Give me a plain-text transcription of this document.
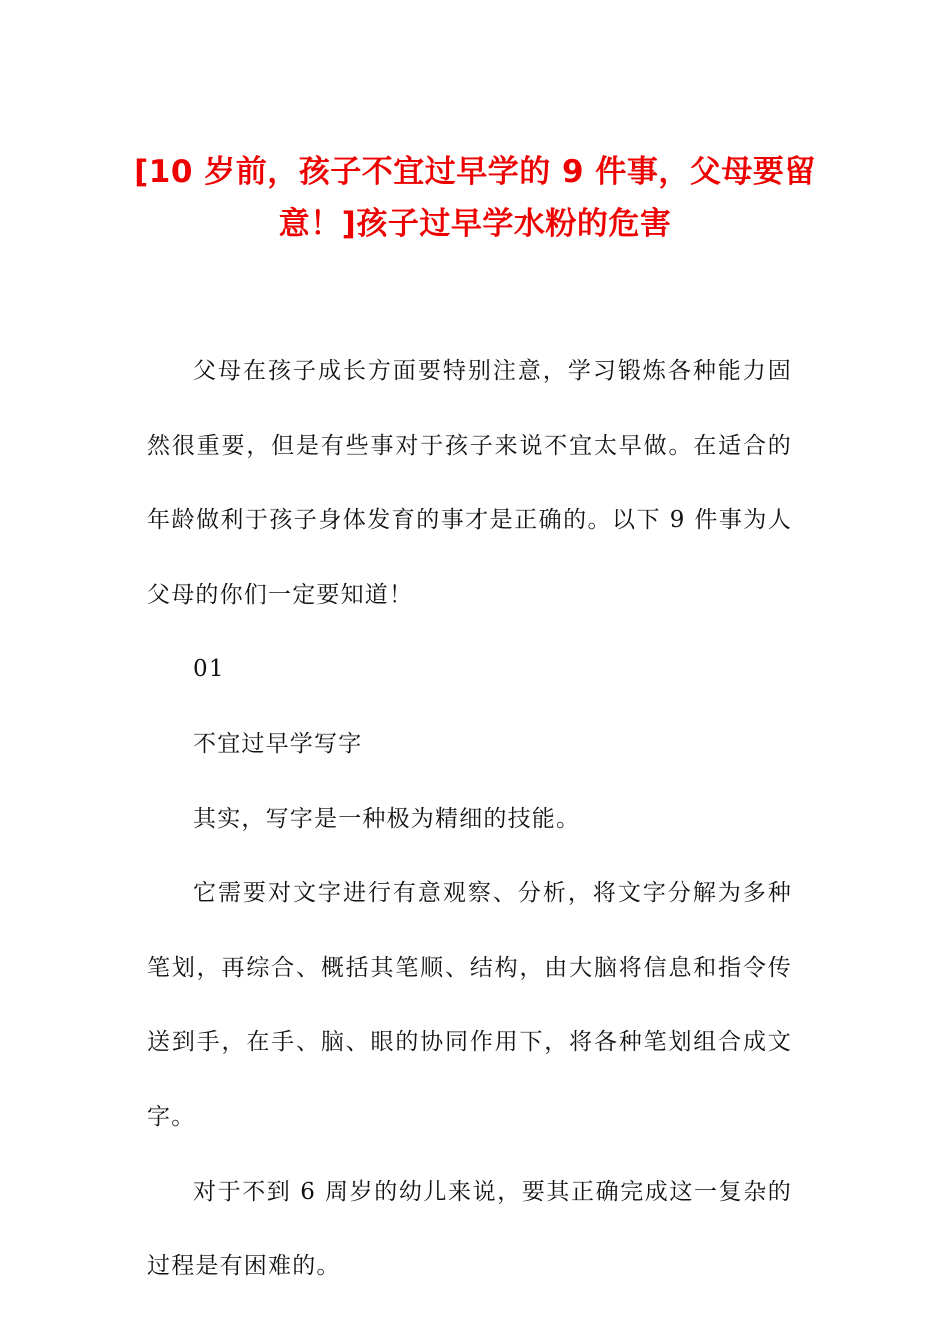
[10 岁前，孩子不宜过早学的 9 件事，父母要留意！]孩子过早学水粉的危害

父母在孩子成长方面要特别注意，学习锻炼各种能力固然很重要，但是有些事对于孩子来说不宜太早做。在适合的年龄做利于孩子身体发育的事才是正确的。以下 9 件事为人父母的你们一定要知道！

01

不宜过早学写字

其实，写字是一种极为精细的技能。

它需要对文字进行有意观察、分析，将文字分解为多种笔划，再综合、概括其笔顺、结构，由大脑将信息和指令传送到手，在手、脑、眼的协同作用下，将各种笔划组合成文字。

对于不到 6 周岁的幼儿来说，要其正确完成这一复杂的过程是有困难的。
